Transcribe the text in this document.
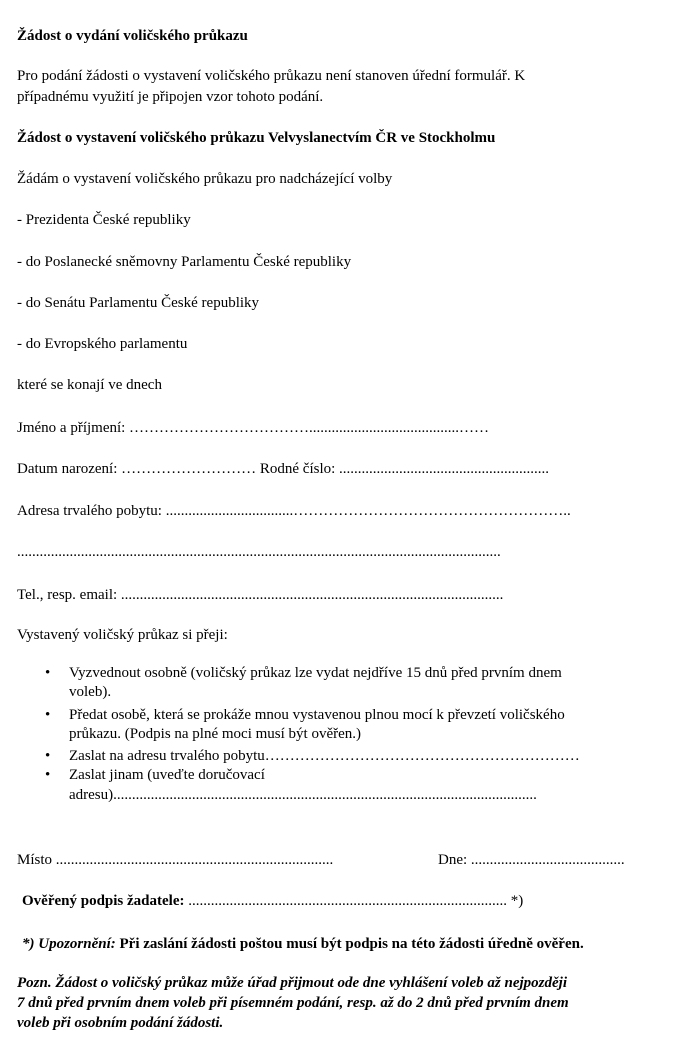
Žádost o vydání voličského průkazu
Pro podání žádosti o vystavení voličského průkazu není stanoven úřední formulář. K
případnému využití je připojen vzor tohoto podání.
Žádost o vystavení voličského průkazu Velvyslanectvím ČR ve Stockholmu
Žádám o vystavení voličského průkazu pro nadcházející volby
- Prezidenta České republiky
- do Poslanecké sněmovny Parlamentu České republiky
- do Senátu Parlamentu České republiky
- do Evropského parlamentu
které se konají ve dnech
Jméno a příjmení: ………………………………........................................……
Datum narození: ……………………… Rodné číslo: ........................................................
Adresa trvalého pobytu: ..................................………………………………………………..
.................................................................................................................................
Tel., resp. email: ......................................................................................................
Vystavený voličský průkaz si přeji:
• Vyzvednout osobně (voličský průkaz lze vydat nejdříve 15 dnů před prvním dnem
voleb).
• Předat osobě, která se prokáže mnou vystavenou plnou mocí k převzetí voličského
průkazu. (Podpis na plné moci musí být ověřen.)
• Zaslat na adresu trvalého pobytu………………………………………………………
• Zaslat jinam (uveďte doručovací
adresu).................................................................................................................
Místo ..........................................................................	Dne: .........................................
Ověřený podpis žadatele: ..................................................................................... *)
*) Upozornění: Při zaslání žádosti poštou musí být podpis na této žádosti úředně ověřen.
Pozn. Žádost o voličský průkaz může úřad přijmout ode dne vyhlášení voleb až nejpozději
7 dnů před prvním dnem voleb při písemném podání, resp. až do 2 dnů před prvním dnem
voleb při osobním podání žádosti.
